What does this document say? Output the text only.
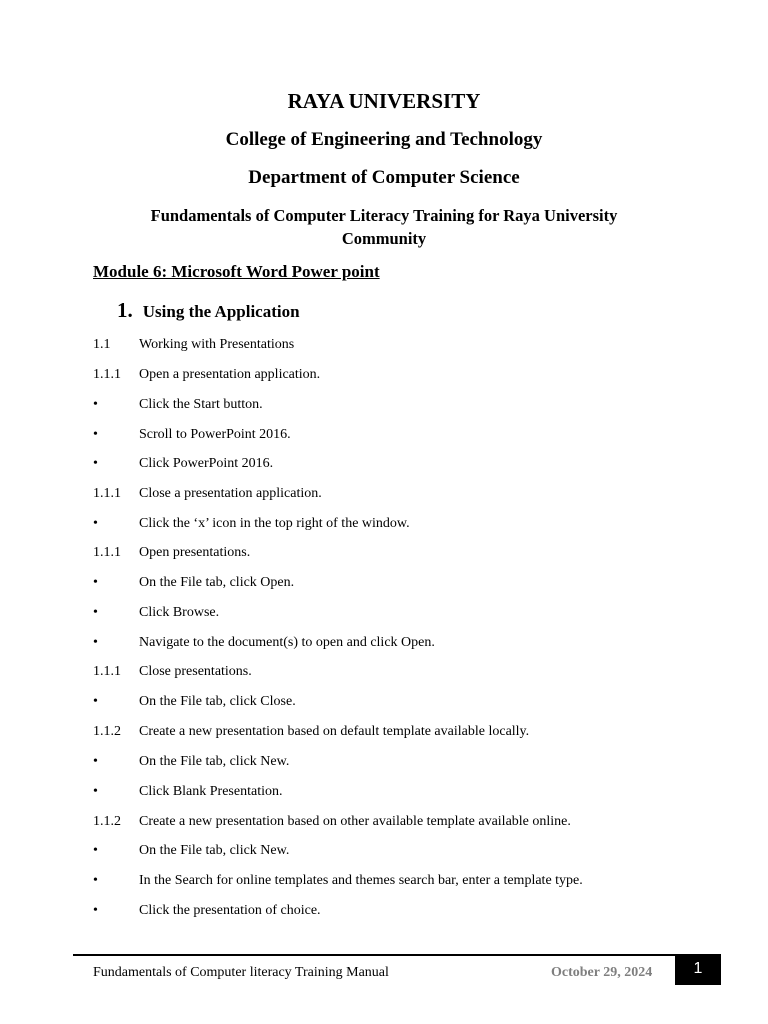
RAYA UNIVERSITY
College of Engineering and Technology
Department of Computer Science
Fundamentals of Computer Literacy Training for Raya University Community
Module 6: Microsoft Word Power point
1. Using the Application
1.1 Working with Presentations
1.1.1 Open a presentation application.
•	Click the Start button.
•	Scroll to PowerPoint 2016.
•	Click PowerPoint 2016.
1.1.1 Close a presentation application.
•	Click the ‘x’ icon in the top right of the window.
1.1.1 Open presentations.
•	On the File tab, click Open.
•	Click Browse.
•	Navigate to the document(s) to open and click Open.
1.1.1 Close presentations.
•	On the File tab, click Close.
1.1.2 Create a new presentation based on default template available locally.
•	On the File tab, click New.
•	Click Blank Presentation.
1.1.2 Create a new presentation based on other available template available online.
•	On the File tab, click New.
•	In the Search for online templates and themes search bar, enter a template type.
•	Click the presentation of choice.
Fundamentals of Computer literacy Training Manual	October 29, 2024	1
